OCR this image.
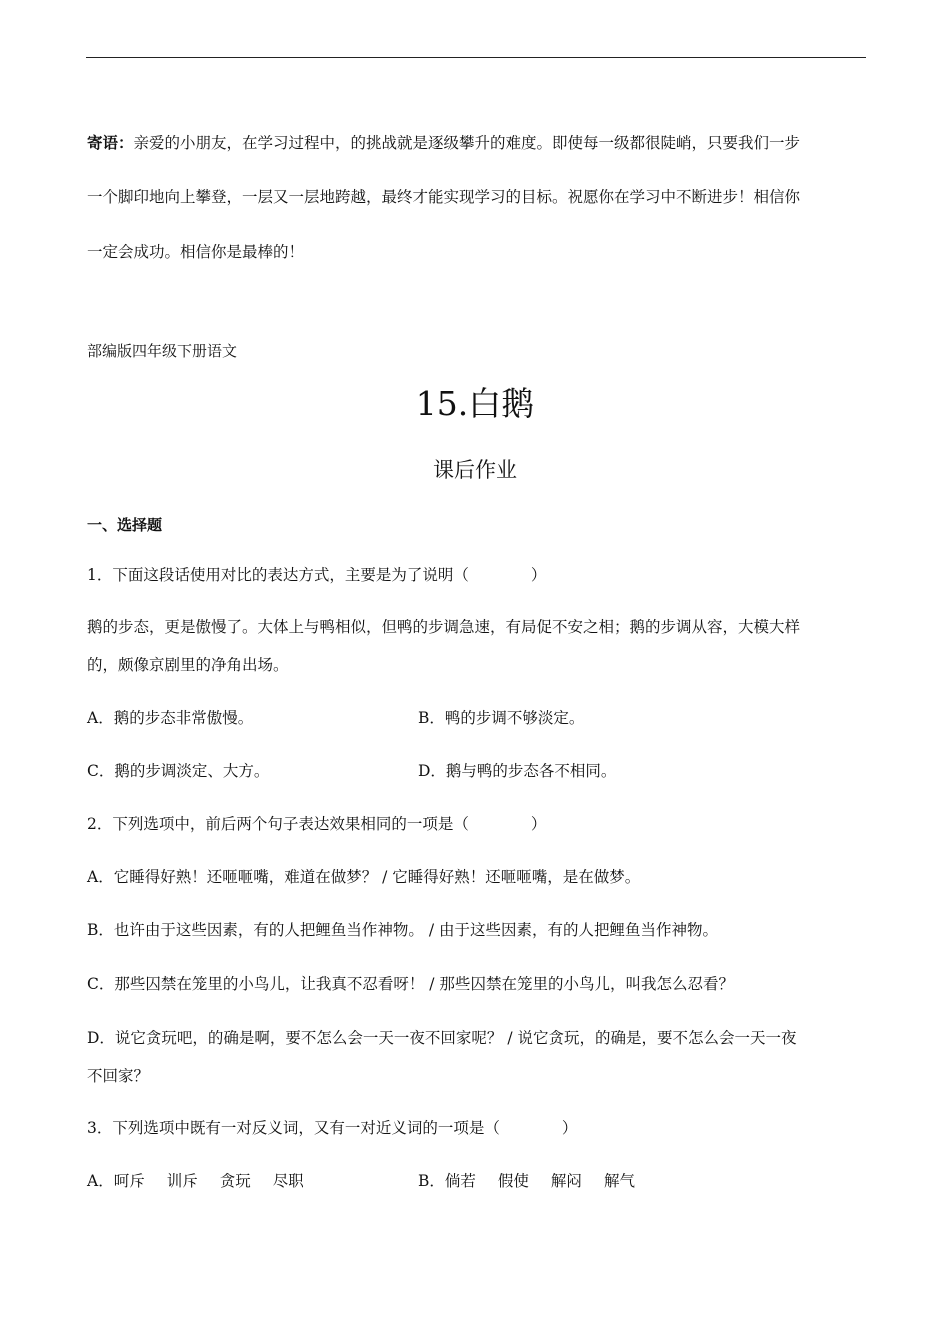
寄语：亲爱的小朋友，在学习过程中，的挑战就是逐级攀升的难度。即使每一级都很陡峭，只要我们一步
一个脚印地向上攀登，一层又一层地跨越，最终才能实现学习的目标。祝愿你在学习中不断进步！相信你
一定会成功。相信你是最棒的！
部编版四年级下册语文
15.白鹅
课后作业
一、选择题
1．下面这段话使用对比的表达方式，主要是为了说明（　　　　）
鹅的步态，更是傲慢了。大体上与鸭相似，但鸭的步调急速，有局促不安之相；鹅的步调从容，大模大样
的，颇像京剧里的净角出场。
A．鹅的步态非常傲慢。	B．鸭的步调不够淡定。
C．鹅的步调淡定、大方。	D．鹅与鸭的步态各不相同。
2．下列选项中，前后两个句子表达效果相同的一项是（　　　　）
A．它睡得好熟！还咂咂嘴，难道在做梦？ / 它睡得好熟！还咂咂嘴，是在做梦。
B．也许由于这些因素，有的人把鲤鱼当作神物。 / 由于这些因素，有的人把鲤鱼当作神物。
C．那些囚禁在笼里的小鸟儿，让我真不忍看呀！ / 那些囚禁在笼里的小鸟儿，叫我怎么忍看？
D．说它贪玩吧，的确是啊，要不怎么会一天一夜不回家呢？ / 说它贪玩，的确是，要不怎么会一天一夜
不回家？
3．下列选项中既有一对反义词，又有一对近义词的一项是（　　　　）
A．呵斥 训斥 贪玩 尽职	B．倘若 假使 解闷 解气
